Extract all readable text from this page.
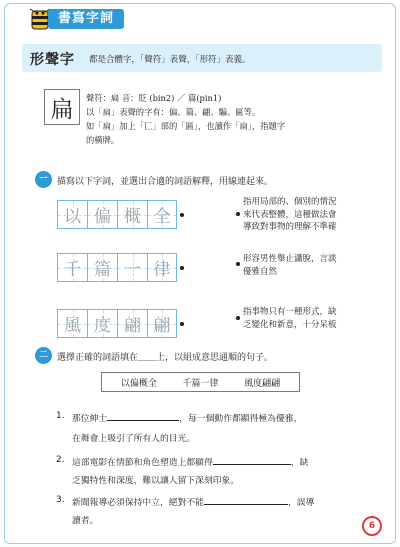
書寫字詞
形聲字 都是合體字，「聲符」表聲，「形符」表義。
扁	聲符：扁 音：貶 (bin2) ／ 篇(pin1)
以「扁」表聲的字有：偏、篇、翩、騙、匾等。
如「扁」加上「匸」部的「匾」，也讀作「扁」，指題字
的橫牌。
一	描寫以下字詞，並選出合適的詞語解釋，用線連起來。
以 偏 概 全
千 篇 一 律
風 度 翩 翩
指用局部的、個別的情況
來代表整體，這種做法會
導致對事物的理解不準確
形容男性舉止瀟脫，言談
優雅自然
指事物只有一種形式，缺
乏變化和新意，十分呆板
二	選擇正確的詞語填在＿＿上，以組成意思通順的句子。
以偏概全	千篇一律	風度翩翩
1. 那位紳士	，每一個動作都顯得極為優雅，
在舞會上吸引了所有人的目光。
2. 這部電影在情節和角色塑造上都顯得	，缺
乏獨特性和深度，難以讓人留下深刻印象。
3. 新聞報導必須保持中立，絕對不能	，誤導
讀者。	6
